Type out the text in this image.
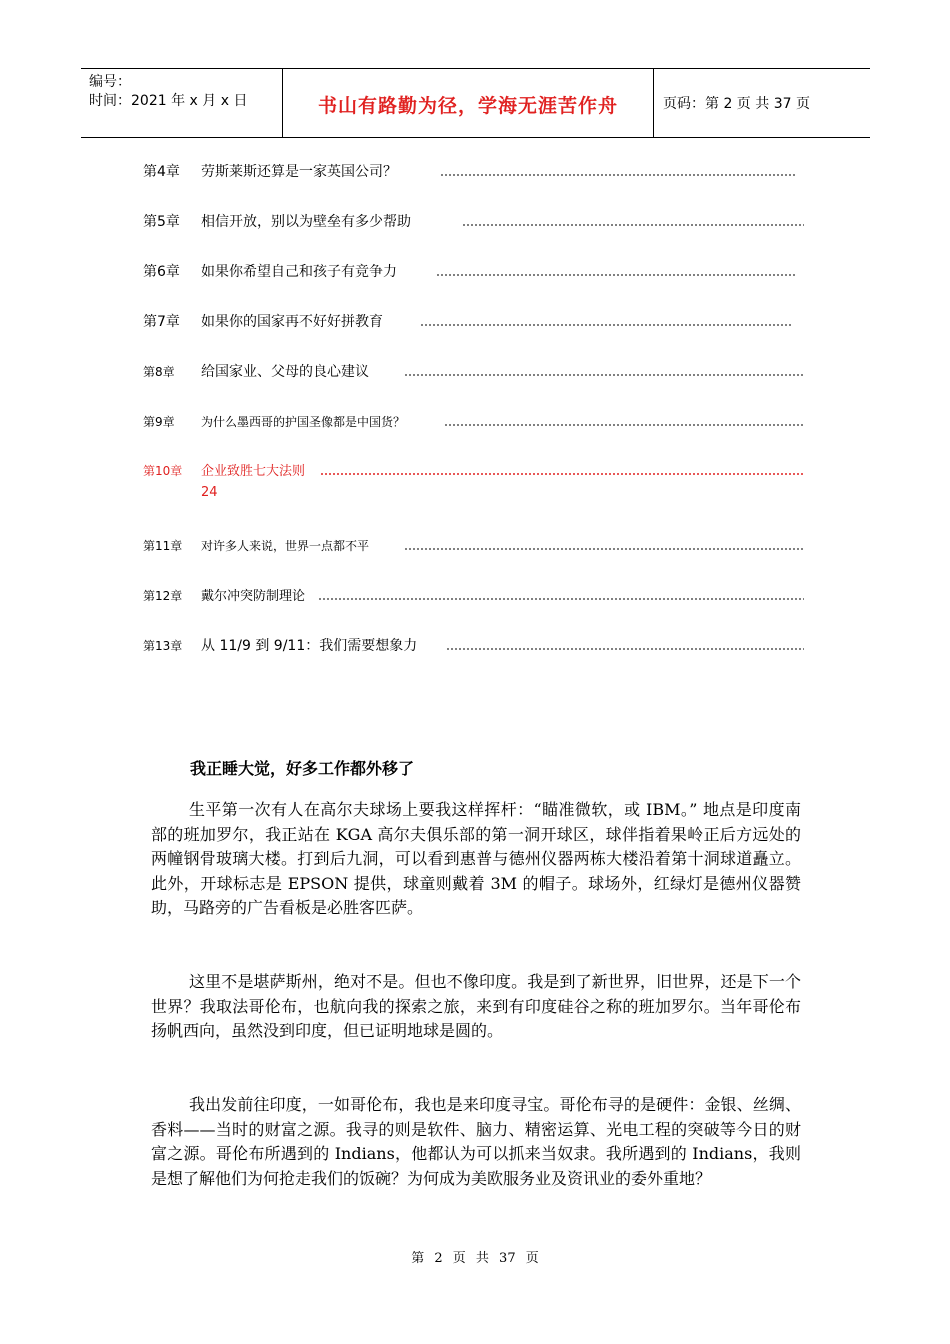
编号：
时间：2021 年 x 月 x 日	书山有路勤为径，学海无涯苦作舟	页码：第 2 页 共 37 页
第4章 劳斯莱斯还算是一家英国公司？
第5章 相信开放，别以为壁垒有多少帮助
第6章 如果你希望自己和孩子有竞争力
第7章 如果你的国家再不好好拼教育
第8章 给国家业、父母的良心建议
第9章 为什么墨西哥的护国圣像都是中国货？
第10章 企业致胜七大法则
24
第11章 对许多人来说，世界一点都不平
第12章 戴尔冲突防制理论
第13章 从 11/9 到 9/11：我们需要想象力
我正睡大觉，好多工作都外移了
生平第一次有人在高尔夫球场上要我这样挥杆：“瞄准微软，或 IBM。” 地点是印度南部的班加罗尔，我正站在 KGA 高尔夫俱乐部的第一洞开球区，球伴指着果岭正后方远处的两幢钢骨玻璃大楼。打到后九洞，可以看到惠普与德州仪器两栋大楼沿着第十洞球道矗立。此外，开球标志是 EPSON 提供，球童则戴着 3M 的帽子。球场外，红绿灯是德州仪器赞助，马路旁的广告看板是必胜客匹萨。
这里不是堪萨斯州，绝对不是。但也不像印度。我是到了新世界，旧世界，还是下一个世界？我取法哥伦布，也航向我的探索之旅，来到有印度硅谷之称的班加罗尔。当年哥伦布扬帆西向，虽然没到印度，但已证明地球是圆的。
我出发前往印度，一如哥伦布，我也是来印度寻宝。哥伦布寻的是硬件：金银、丝绸、香料——当时的财富之源。我寻的则是软件、脑力、精密运算、光电工程的突破等今日的财富之源。哥伦布所遇到的 Indians，他都认为可以抓来当奴隶。我所遇到的 Indians，我则是想了解他们为何抢走我们的饭碗？为何成为美欧服务业及资讯业的委外重地？
第 2 页 共 37 页
